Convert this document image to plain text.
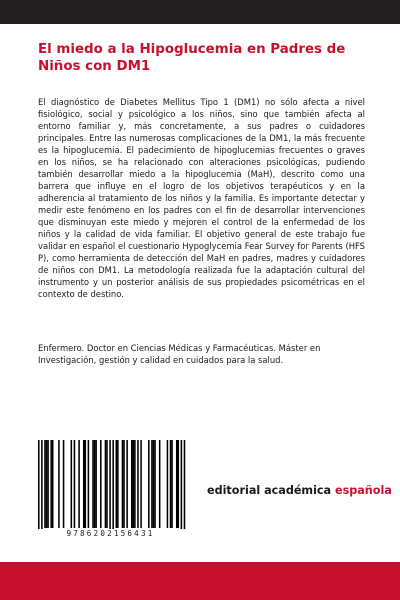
El miedo a la Hipoglucemia en Padres de
Niños con DM1

El diagnóstico de Diabetes Mellitus Tipo 1 (DM1) no sólo afecta a nivel fisiológico, social y psicológico a los niños, sino que también afecta al entorno familiar y, más concretamente, a sus padres o cuidadores principales. Entre las numerosas complicaciones de la DM1, la más frecuente es la hipoglucemia. El padecimiento de hipoglucemias frecuentes o graves en los niños, se ha relacionado con alteraciones psicológicas, pudiendo también desarrollar miedo a la hipoglucemia (MaH), descrito como una barrera que influye en el logro de los objetivos terapéuticos y en la adherencia al tratamiento de los niños y la familia. Es importante detectar y medir este fenómeno en los padres con el fin de desarrollar intervenciones que disminuyan este miedo y mejoren el control de la enfermedad de los niños y la calidad de vida familiar. El objetivo general de este trabajo fue validar en español el cuestionario Hypoglycemia Fear Survey for Parents (HFS P), como herramienta de detección del MaH en padres, madres y cuidadores de niños con DM1. La metodología realizada fue la adaptación cultural del instrumento y un posterior análisis de sus propiedades psicométricas en el contexto de destino.

Enfermero. Doctor en Ciencias Médicas y Farmacéuticas. Máster en Investigación, gestión y calidad en cuidados para la salud.

9786202156431
editorial académica española
